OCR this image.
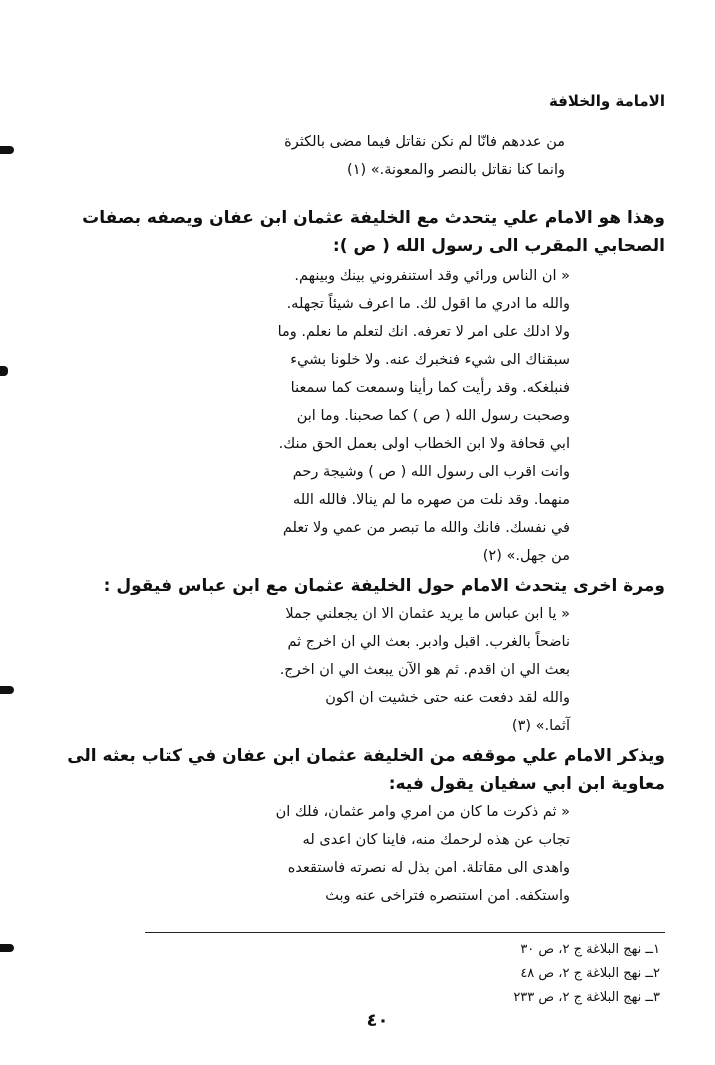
الامامة والخلافة
من عددهم فانّا لم نكن نقاتل فيما مضى بالكثرة
وانما كنا نقاتل بالنصر والمعونة.» (١)
وهذا هو الامام علي يتحدث مع الخليفة عثمان ابن عفان ويصفه بصفات
الصحابي المقرب الى رسول الله ( ص ):
« ان الناس ورائي وقد استنفروني بينك وبينهم.
والله ما ادري ما اقول لك. ما اعرف شيئاً تجهله.
ولا ادلك على امر لا تعرفه. انك لتعلم ما نعلم. وما
سبقناك الى شيء فنخبرك عنه. ولا خلونا بشيء
فنبلغكه. وقد رأيت كما رأينا وسمعت كما سمعنا
وصحبت رسول الله ( ص ) كما صحبنا. وما ابن
ابي قحافة ولا ابن الخطاب اولى بعمل الحق منك.
وانت اقرب الى رسول الله ( ص ) وشيجة رحم
منهما. وقد نلت من صهره ما لم ينالا. فالله الله
في نفسك. فانك والله ما تبصر من عمي ولا تعلم
من جهل.» (٢)
ومرة اخرى يتحدث الامام حول الخليفة عثمان مع ابن عباس فيقول :
« يا ابن عباس ما يريد عثمان الا ان يجعلني جملا
ناضحاً بالغرب. اقبل وادبر. بعث الي ان اخرج ثم
بعث الي ان اقدم. ثم هو الآن يبعث الي ان اخرج.
والله لقد دفعت عنه حتى خشيت ان اكون
آثما.» (٣)
ويذكر الامام علي موقفه من الخليفة عثمان ابن عفان في كتاب بعثه الى
معاوية ابن ابي سفيان يقول فيه:
« ثم ذكرت ما كان من امري وامر عثمان، فلك ان
تجاب عن هذه لرحمك منه، فاينا كان اعدى له
واهدى الى مقاتلة. امن بذل له نصرته فاستقعده
واستكفه. امن استنصره فتراخى عنه وبث
١ــ نهج البلاغة ج ٢، ص ٣٠
٢ــ نهج البلاغة ج ٢، ص ٤٨
٣ــ نهج البلاغة ج ٢، ص ٢٣٣
٤٠
